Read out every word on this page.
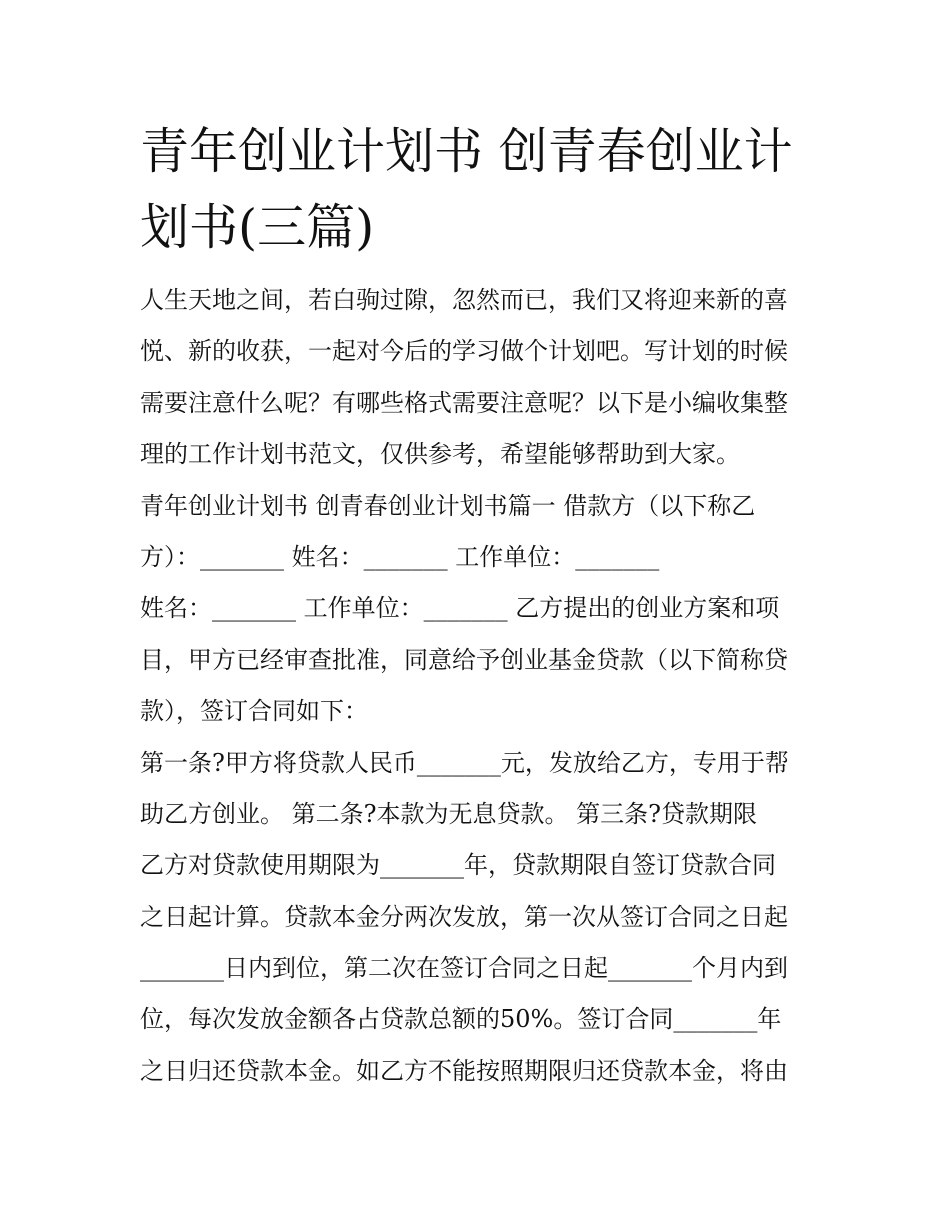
青年创业计划书 创青春创业计
划书(三篇)
人生天地之间，若白驹过隙，忽然而已，我们又将迎来新的喜
悦、新的收获，一起对今后的学习做个计划吧。写计划的时候
需要注意什么呢？有哪些格式需要注意呢？以下是小编收集整
理的工作计划书范文，仅供参考，希望能够帮助到大家。
青年创业计划书 创青春创业计划书篇一 借款方（以下称乙
方）：_______ 姓名：_______ 工作单位：_______
姓名：_______ 工作单位：_______ 乙方提出的创业方案和项
目，甲方已经审查批准，同意给予创业基金贷款（以下简称贷
款），签订合同如下：
第一条?甲方将贷款人民币_______元，发放给乙方，专用于帮
助乙方创业。 第二条?本款为无息贷款。 第三条?贷款期限
乙方对贷款使用期限为_______年，贷款期限自签订贷款合同
之日起计算。贷款本金分两次发放，第一次从签订合同之日起
_______日内到位，第二次在签订合同之日起_______个月内到
位，每次发放金额各占贷款总额的50%。签订合同_______年
之日归还贷款本金。如乙方不能按照期限归还贷款本金，将由
